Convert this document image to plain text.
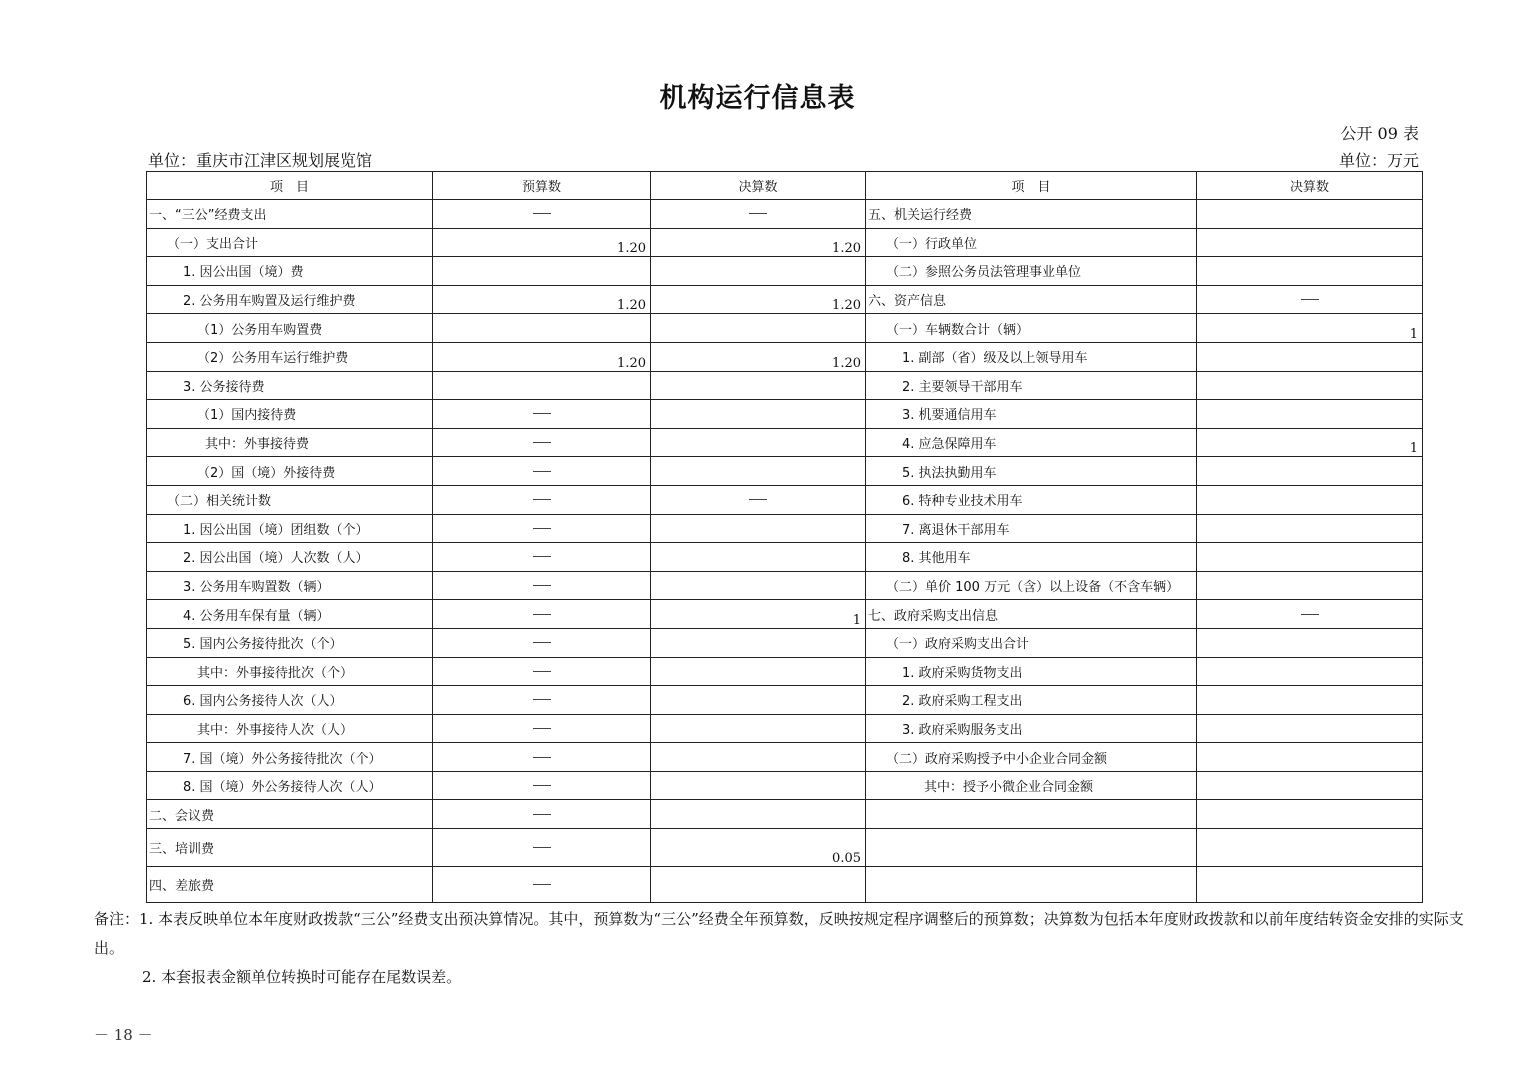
机构运行信息表
公开 09 表
单位：重庆市江津区规划展览馆	单位：万元
项　目	预算数	决算数	项　目	决算数
一、“三公”经费支出			五、机关运行经费	
（一）支出合计	1.20	1.20	（一）行政单位	
1. 因公出国（境）费			（二）参照公务员法管理事业单位	
2. 公务用车购置及运行维护费	1.20	1.20	六、资产信息	
（1）公务用车购置费			（一）车辆数合计（辆）	1
（2）公务用车运行维护费	1.20	1.20	1. 副部（省）级及以上领导用车	
3. 公务接待费			2. 主要领导干部用车	
（1）国内接待费			3. 机要通信用车	
其中：外事接待费			4. 应急保障用车	1
（2）国（境）外接待费			5. 执法执勤用车	
（二）相关统计数			6. 特种专业技术用车	
1. 因公出国（境）团组数（个）			7. 离退休干部用车	
2. 因公出国（境）人次数（人）			8. 其他用车	
3. 公务用车购置数（辆）			（二）单价 100 万元（含）以上设备（不含车辆）	
4. 公务用车保有量（辆）		1	七、政府采购支出信息	
5. 国内公务接待批次（个）			（一）政府采购支出合计	
其中：外事接待批次（个）			1. 政府采购货物支出	
6. 国内公务接待人次（人）			2. 政府采购工程支出	
其中：外事接待人次（人）			3. 政府采购服务支出	
7. 国（境）外公务接待批次（个）			（二）政府采购授予中小企业合同金额	
8. 国（境）外公务接待人次（人）			其中：授予小微企业合同金额	
二、会议费				
三、培训费		0.05		
四、差旅费				

备注：1. 本表反映单位本年度财政拨款“三公”经费支出预决算情况。其中，预算数为“三公”经费全年预算数，反映按规定程序调整后的预算数；决算数为包括本年度财政拨款和以前年度结转资金安排的实际支出。

2. 本套报表金额单位转换时可能存在尾数误差。

－ 18 －
